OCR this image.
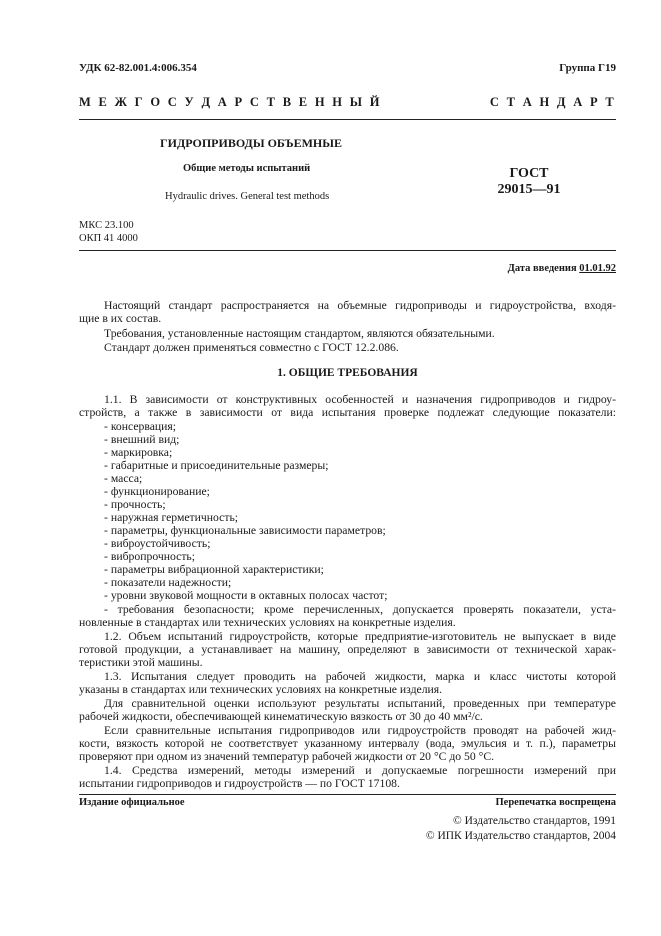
УДК 62-82.001.4:006.354	Группа Г19
М Е Ж Г О С У Д А Р С Т В Е Н Н Ы Й	С Т А Н Д А Р Т
ГИДРОПРИВОДЫ ОБЪЕМНЫЕ
Общие методы испытаний
Hydraulic drives. General test methods
ГОСТ
29015—91
МКС 23.100
ОКП 41 4000
Дата введения 01.01.92
Настоящий стандарт распространяется на объемные гидроприводы и гидроустройства, входя-
щие в их состав.
Требования, установленные настоящим стандартом, являются обязательными.
Стандарт должен применяться совместно с ГОСТ 12.2.086.
1. ОБЩИЕ ТРЕБОВАНИЯ
1.1. В зависимости от конструктивных особенностей и назначения гидроприводов и гидроу-
стройств, а также в зависимости от вида испытания проверке подлежат следующие показатели:
- консервация;
- внешний вид;
- маркировка;
- габаритные и присоединительные размеры;
- масса;
- функционирование;
- прочность;
- наружная герметичность;
- параметры, функциональные зависимости параметров;
- виброустойчивость;
- вибропрочность;
- параметры вибрационной характеристики;
- показатели надежности;
- уровни звуковой мощности в октавных полосах частот;
- требования безопасности; кроме перечисленных, допускается проверять показатели, уста-
новленные в стандартах или технических условиях на конкретные изделия.
1.2. Объем испытаний гидроустройств, которые предприятие-изготовитель не выпускает в виде
готовой продукции, а устанавливает на машину, определяют в зависимости от технической харак-
теристики этой машины.
1.3. Испытания следует проводить на рабочей жидкости, марка и класс чистоты которой
указаны в стандартах или технических условиях на конкретные изделия.
Для сравнительной оценки используют результаты испытаний, проведенных при температуре
рабочей жидкости, обеспечивающей кинематическую вязкость от 30 до 40 мм²/с.
Если сравнительные испытания гидроприводов или гидроустройств проводят на рабочей жид-
кости, вязкость которой не соответствует указанному интервалу (вода, эмульсия и т. п.), параметры
проверяют при одном из значений температур рабочей жидкости от 20 °С до 50 °С.
1.4. Средства измерений, методы измерений и допускаемые погрешности измерений при
испытании гидроприводов и гидроустройств — по ГОСТ 17108.
Издание официальное	Перепечатка воспрещена
© Издательство стандартов, 1991
© ИПК Издательство стандартов, 2004
